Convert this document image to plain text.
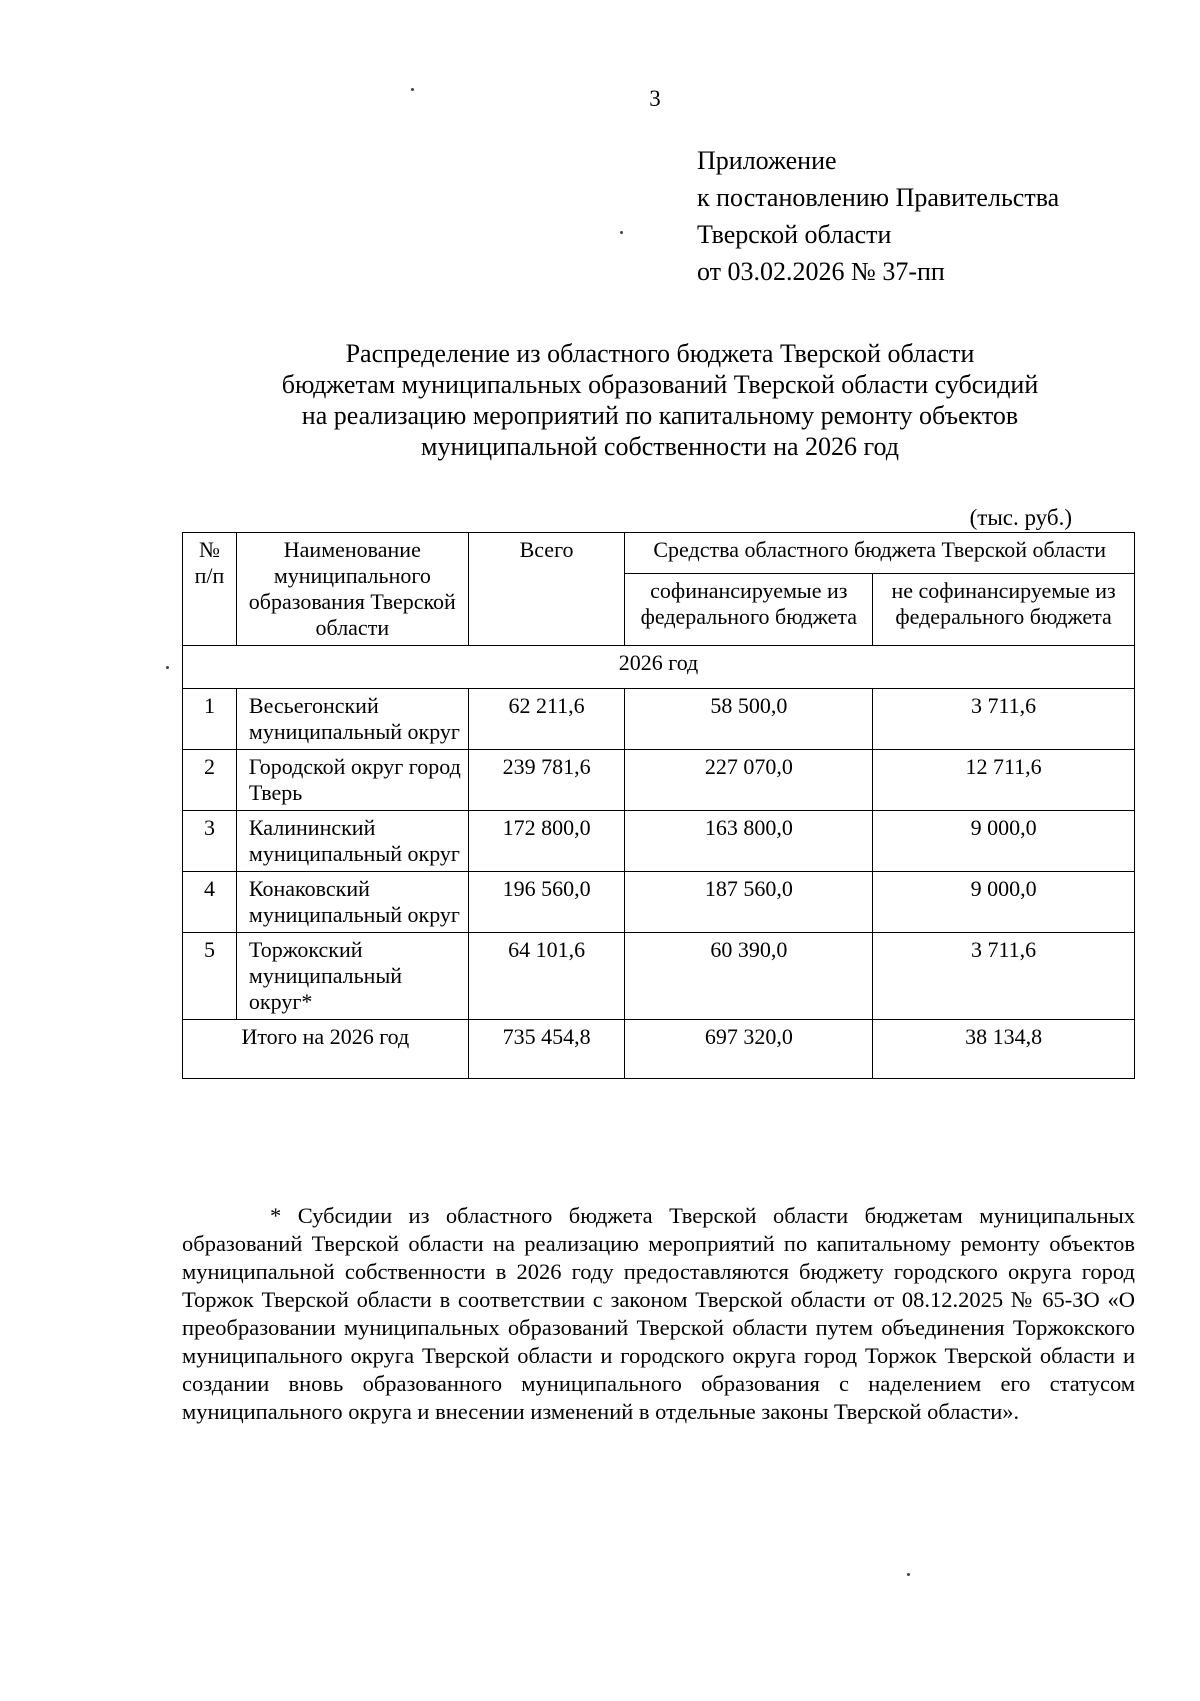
3
Приложение
к постановлению Правительства
Тверской области
от 03.02.2026 № 37-пп
Распределение из областного бюджета Тверской области
бюджетам муниципальных образований Тверской области субсидий
на реализацию мероприятий по капитальному ремонту объектов
муниципальной собственности на 2026 год
(тыс. руб.)
№ п/п	Наименование муниципального образования Тверской области	Всего	Средства областного бюджета Тверской области	
			софинансируемые из федерального бюджета	не софинансируемые из федерального бюджета
2026 год				
1	Весьегонский муниципальный округ	62 211,6	58 500,0	3 711,6
2	Городской округ город Тверь	239 781,6	227 070,0	12 711,6
3	Калининский муниципальный округ	172 800,0	163 800,0	9 000,0
4	Конаковский муниципальный округ	196 560,0	187 560,0	9 000,0
5	Торжокский муниципальный округ*	64 101,6	60 390,0	3 711,6
Итого на 2026 год		735 454,8	697 320,0	38 134,8
* Субсидии из областного бюджета Тверской области бюджетам муниципальных образований Тверской области на реализацию мероприятий по капитальному ремонту объектов муниципальной собственности в 2026 году предоставляются бюджету городского округа город Торжок Тверской области в соответствии с законом Тверской области от 08.12.2025 № 65-ЗО «О преобразовании муниципальных образований Тверской области путем объединения Торжокского муниципального округа Тверской области и городского округа город Торжок Тверской области и создании вновь образованного муниципального образования с наделением его статусом муниципального округа и внесении изменений в отдельные законы Тверской области».
